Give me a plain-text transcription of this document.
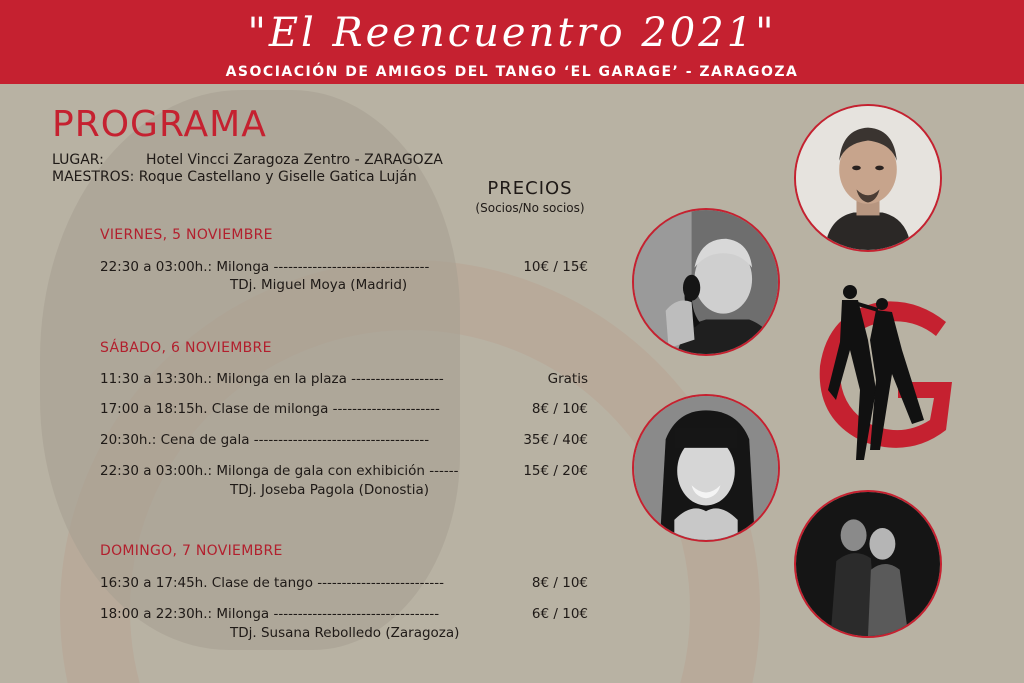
"El Reencuentro 2021"
ASOCIACIÓN DE AMIGOS DEL TANGO ‘EL GARAGE’ - ZARAGOZA
PROGRAMA
LUGAR:	Hotel Vincci Zaragoza Zentro - ZARAGOZA
MAESTROS: Roque Castellano y Giselle Gatica Luján
PRECIOS
(Socios/No socios)
VIERNES, 5 NOVIEMBRE
22:30 a 03:00h.: Milonga --------------------------------	10€ / 15€
TDj. Miguel Moya (Madrid)
SÁBADO, 6 NOVIEMBRE
11:30 a 13:30h.: Milonga en la plaza -------------------	Gratis
17:00 a 18:15h. Clase de milonga ----------------------	8€ / 10€
20:30h.: Cena de gala ------------------------------------	35€ / 40€
22:30 a 03:00h.: Milonga de gala con exhibición ------	15€ / 20€
TDj. Joseba Pagola (Donostia)
DOMINGO, 7 NOVIEMBRE
16:30 a 17:45h. Clase de tango --------------------------	8€ / 10€
18:00 a 22:30h.: Milonga ----------------------------------	6€ / 10€
TDj. Susana Rebolledo (Zaragoza)
